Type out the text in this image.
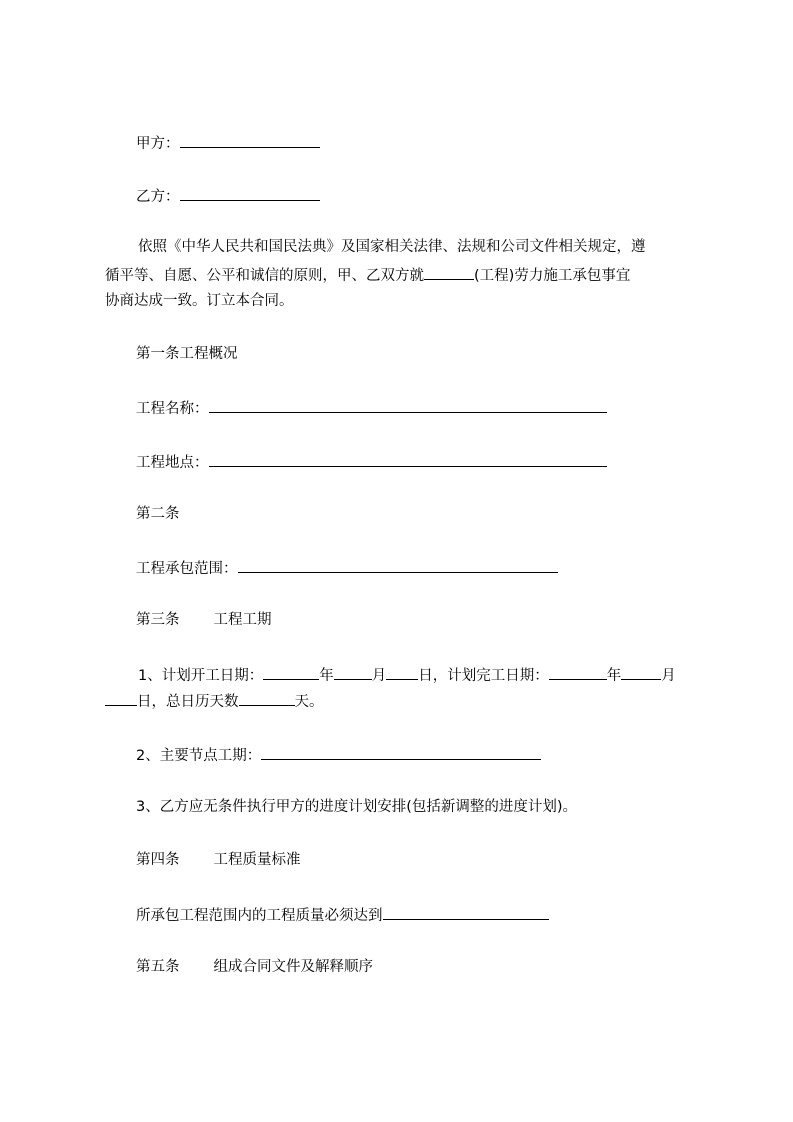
甲方：
乙方：
依照《中华人民共和国民法典》及国家相关法律、法规和公司文件相关规定，遵
循平等、自愿、公平和诚信的原则，甲、乙双方就	(工程)劳力施工承包事宜
协商达成一致。订立本合同。
第一条工程概况
工程名称：
工程地点：
第二条
工程承包范围：
第三条 工程工期
1、计划开工日期：	年	月 日，计划完工日期：	年	月
日，总日历天数	天。
2、主要节点工期：
3、乙方应无条件执行甲方的进度计划安排(包括新调整的进度计划)。
第四条 工程质量标准
所承包工程范围内的工程质量必须达到
第五条 组成合同文件及解释顺序
